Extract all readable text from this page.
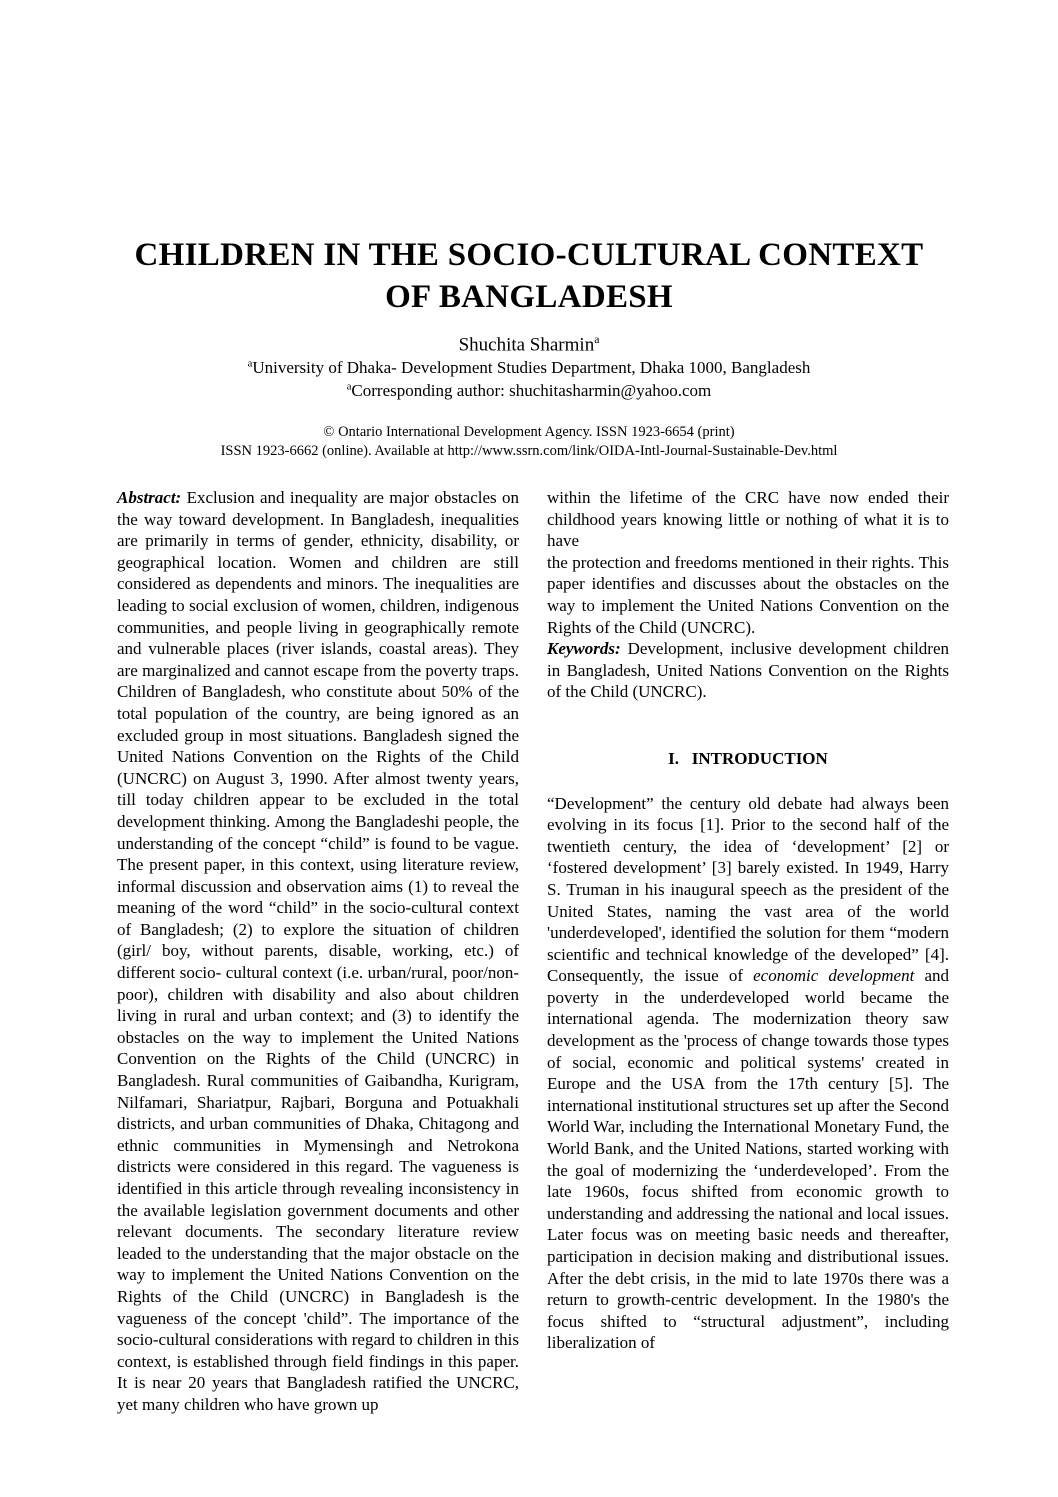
CHILDREN IN THE SOCIO-CULTURAL CONTEXT OF BANGLADESH
Shuchita Sharmin$^a$
$^a$University of Dhaka- Development Studies Department, Dhaka 1000, Bangladesh
$^a$Corresponding author: shuchitasharmin@yahoo.com
© Ontario International Development Agency. ISSN 1923-6654 (print)
ISSN 1923-6662 (online). Available at http://www.ssrn.com/link/OIDA-Intl-Journal-Sustainable-Dev.html

Abstract: Exclusion and inequality are major obstacles on the way toward development. In Bangladesh, inequalities are primarily in terms of gender, ethnicity, disability, or geographical location. Women and children are still considered as dependents and minors. The inequalities are leading to social exclusion of women, children, indigenous communities, and people living in geographically remote and vulnerable places (river islands, coastal areas). They are marginalized and cannot escape from the poverty traps. Children of Bangladesh, who constitute about 50% of the total population of the country, are being ignored as an excluded group in most situations. Bangladesh signed the United Nations Convention on the Rights of the Child (UNCRC) on August 3, 1990. After almost twenty years, till today children appear to be excluded in the total development thinking. Among the Bangladeshi people, the understanding of the concept “child” is found to be vague. The present paper, in this context, using literature review, informal discussion and observation aims (1) to reveal the meaning of the word “child” in the socio-cultural context of Bangladesh; (2) to explore the situation of children (girl/ boy, without parents, disable, working, etc.) of different socio- cultural context (i.e. urban/rural, poor/non-poor), children with disability and also about children living in rural and urban context; and (3) to identify the obstacles on the way to implement the United Nations Convention on the Rights of the Child (UNCRC) in Bangladesh. Rural communities of Gaibandha, Kurigram, Nilfamari, Shariatpur, Rajbari, Borguna and Potuakhali districts, and urban communities of Dhaka, Chitagong and ethnic communities in Mymensingh and Netrokona districts were considered in this regard. The vagueness is identified in this article through revealing inconsistency in the available legislation government documents and other relevant documents. The secondary literature review leaded to the understanding that the major obstacle on the way to implement the United Nations Convention on the Rights of the Child (UNCRC) in Bangladesh is the vagueness of the concept 'child”. The importance of the socio-cultural considerations with regard to children in this context, is established through field findings in this paper. It is near 20 years that Bangladesh ratified the UNCRC, yet many children who have grown up

within the lifetime of the CRC have now ended their childhood years knowing little or nothing of what it is to have

the protection and freedoms mentioned in their rights. This paper identifies and discusses about the obstacles on the way to implement the United Nations Convention on the Rights of the Child (UNCRC).

Keywords: Development, inclusive development children in Bangladesh, United Nations Convention on the Rights of the Child (UNCRC).

I.   INTRODUCTION

“Development” the century old debate had always been evolving in its focus [1]. Prior to the second half of the twentieth century, the idea of ‘development’ [2] or ‘fostered development’ [3] barely existed. In 1949, Harry S. Truman in his inaugural speech as the president of the United States, naming the vast area of the world 'underdeveloped', identified the solution for them “modern scientific and technical knowledge of the developed” [4]. Consequently, the issue of economic development and poverty in the underdeveloped world became the international agenda. The modernization theory saw development as the 'process of change towards those types of social, economic and political systems' created in Europe and the USA from the 17th century [5]. The international institutional structures set up after the Second World War, including the International Monetary Fund, the World Bank, and the United Nations, started working with the goal of modernizing the ‘underdeveloped’. From the late 1960s, focus shifted from economic growth to understanding and addressing the national and local issues. Later focus was on meeting basic needs and thereafter, participation in decision making and distributional issues. After the debt crisis, in the mid to late 1970s there was a return to growth-centric development. In the 1980's the focus shifted to “structural adjustment”, including liberalization of
